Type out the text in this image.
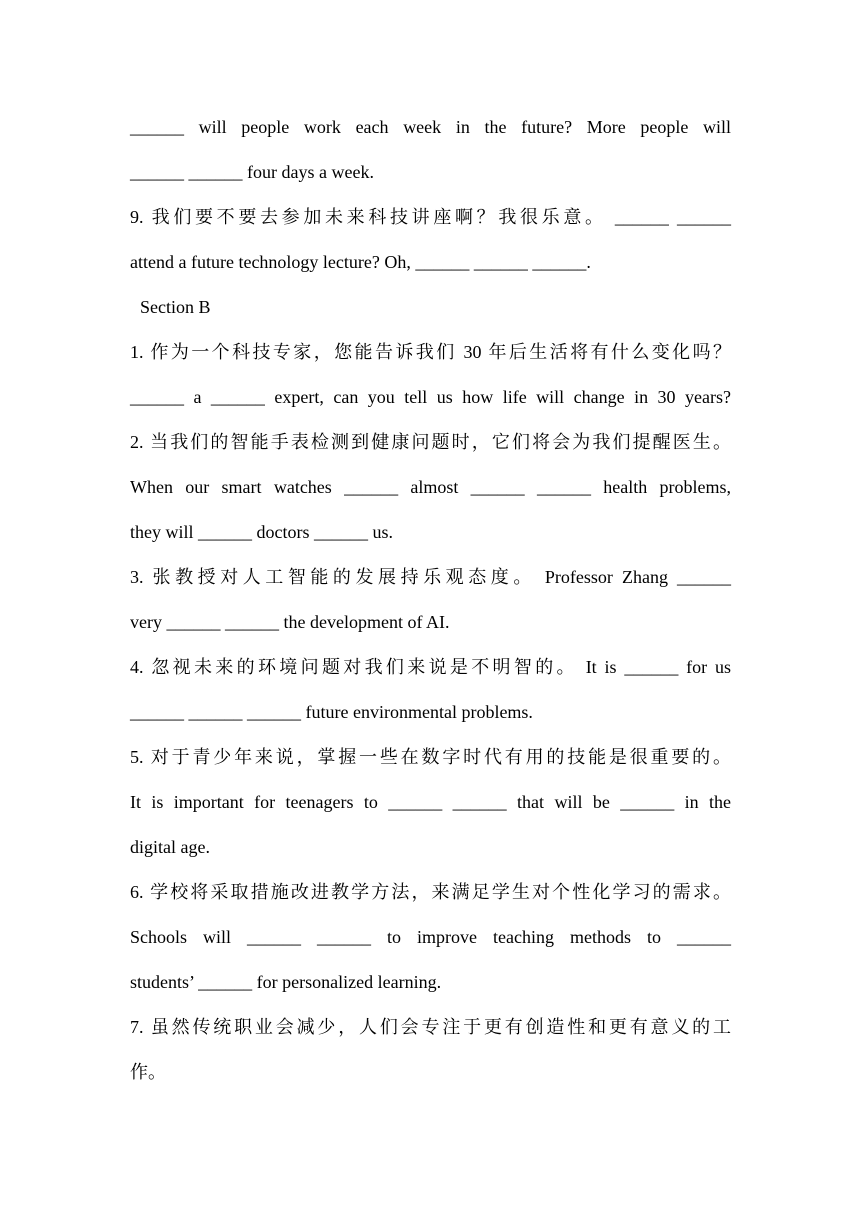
______ will people work each week in the future? More people will
______ ______ four days a week.
9. 我们要不要去参加未来科技讲座啊？我很乐意。 ______ ______
attend a future technology lecture? Oh, ______ ______ ______.
Section B
1. 作为一个科技专家，您能告诉我们 30 年后生活将有什么变化吗？
______ a ______ expert, can you tell us how life will change in 30 years?
2. 当我们的智能手表检测到健康问题时，它们将会为我们提醒医生。
When our smart watches ______ almost ______ ______ health problems,
they will ______ doctors ______ us.
3. 张教授对人工智能的发展持乐观态度。 Professor Zhang ______
very ______ ______ the development of AI.
4. 忽视未来的环境问题对我们来说是不明智的。 It is ______ for us
______ ______ ______ future environmental problems.
5. 对于青少年来说，掌握一些在数字时代有用的技能是很重要的。
It is important for teenagers to ______ ______ that will be ______ in the
digital age.
6. 学校将采取措施改进教学方法，来满足学生对个性化学习的需求。
Schools will ______ ______ to improve teaching methods to ______
students’ ______ for personalized learning.
7. 虽然传统职业会减少，人们会专注于更有创造性和更有意义的工
作。
